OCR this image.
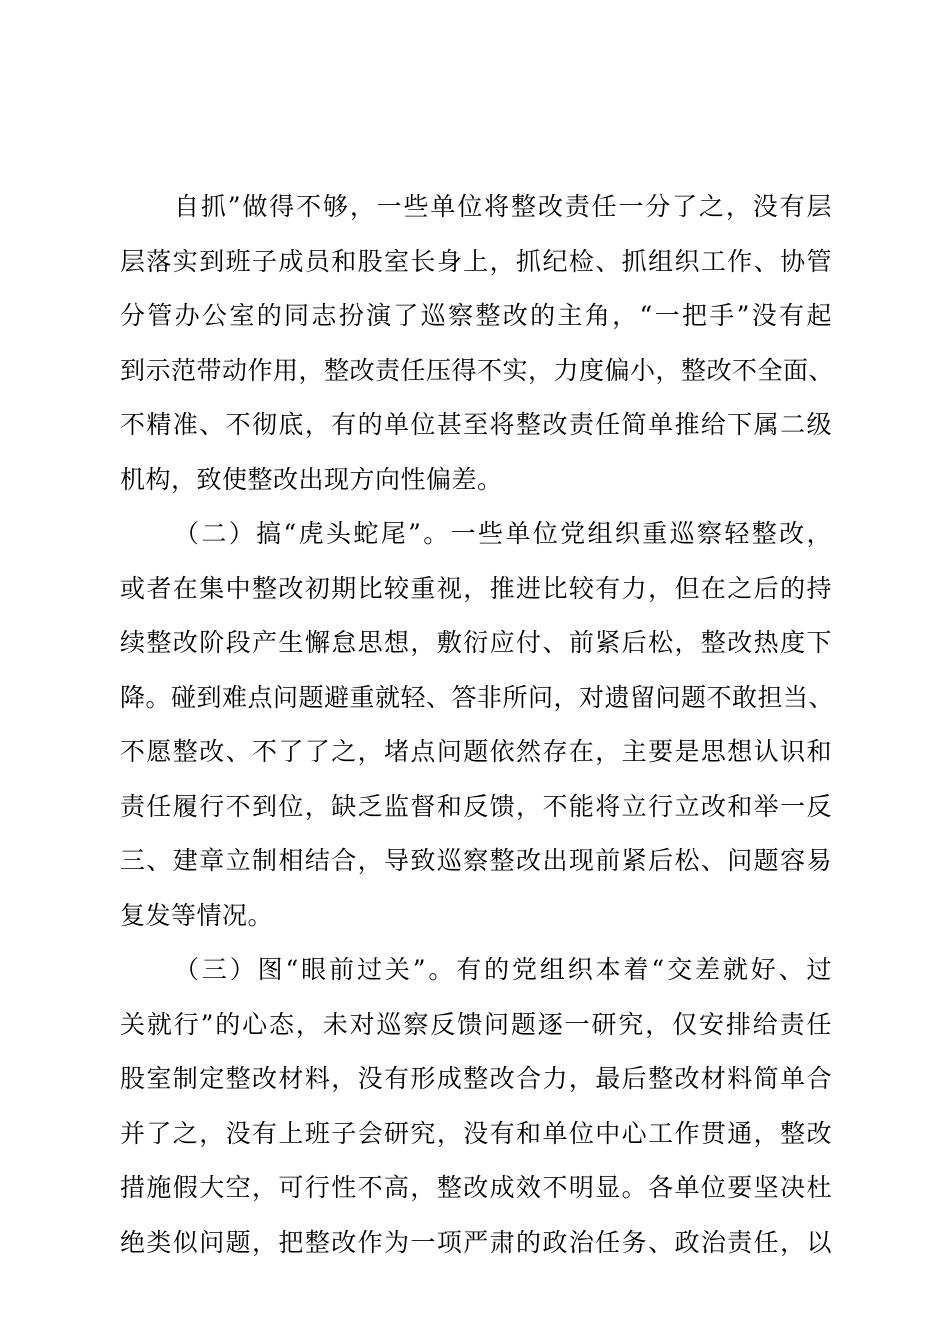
自抓”做得不够，一些单位将整改责任一分了之，没有层
层落实到班子成员和股室长身上，抓纪检、抓组织工作、协管
分管办公室的同志扮演了巡察整改的主角，“一把手”没有起
到示范带动作用，整改责任压得不实，力度偏小，整改不全面、
不精准、不彻底，有的单位甚至将整改责任简单推给下属二级
机构，致使整改出现方向性偏差。
（二）搞“虎头蛇尾”。一些单位党组织重巡察轻整改，
或者在集中整改初期比较重视，推进比较有力，但在之后的持
续整改阶段产生懈怠思想，敷衍应付、前紧后松，整改热度下
降。碰到难点问题避重就轻、答非所问，对遗留问题不敢担当、
不愿整改、不了了之，堵点问题依然存在，主要是思想认识和
责任履行不到位，缺乏监督和反馈，不能将立行立改和举一反
三、建章立制相结合，导致巡察整改出现前紧后松、问题容易
复发等情况。
（三）图“眼前过关”。有的党组织本着“交差就好、过
关就行”的心态，未对巡察反馈问题逐一研究，仅安排给责任
股室制定整改材料，没有形成整改合力，最后整改材料简单合
并了之，没有上班子会研究，没有和单位中心工作贯通，整改
措施假大空，可行性不高，整改成效不明显。各单位要坚决杜
绝类似问题，把整改作为一项严肃的政治任务、政治责任，以
